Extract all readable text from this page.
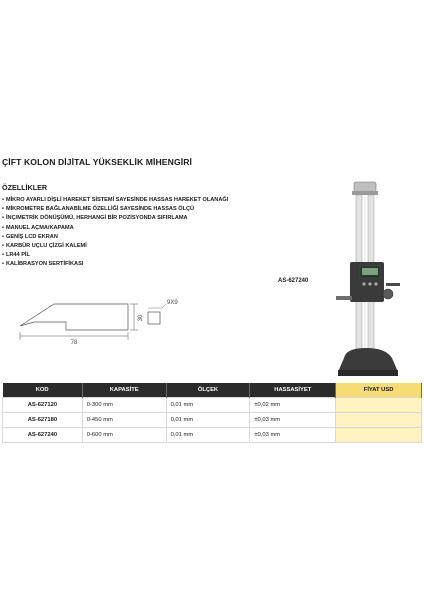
ÇİFT KOLON DİJİTAL YÜKSEKLİK MİHENGİRİ
ÖZELLİKLER
• MİKRO AYARLI DİŞLİ HAREKET SİSTEMİ SAYESİNDE HASSAS HAREKET OLANAĞI
• MİKROMETRE BAĞLANABİLME ÖZELLİĞİ SAYESİNDE HASSAS ÖLÇÜ
• İNÇ/METRİK DÖNÜŞÜMÜ, HERHANGİ BİR POZİSYONDA SIFIRLAMA
• MANUEL AÇMA/KAPAMA
• GENİŞ LCD EKRAN
• KARBÜR UÇLU ÇİZGİ KALEMİ
• LR44 PİL
• KALİBRASYON SERTİFİKASI
AS-627240
78
30
9X9
KOD	KAPASİTE	ÖLÇEK	HASSASİYET	FİYAT USD
AS-627120	0-300 mm	0,01 mm	±0,02 mm	
AS-627180	0-450 mm	0,01 mm	±0,03 mm	
AS-627240	0-600 mm	0,01 mm	±0,03 mm	
